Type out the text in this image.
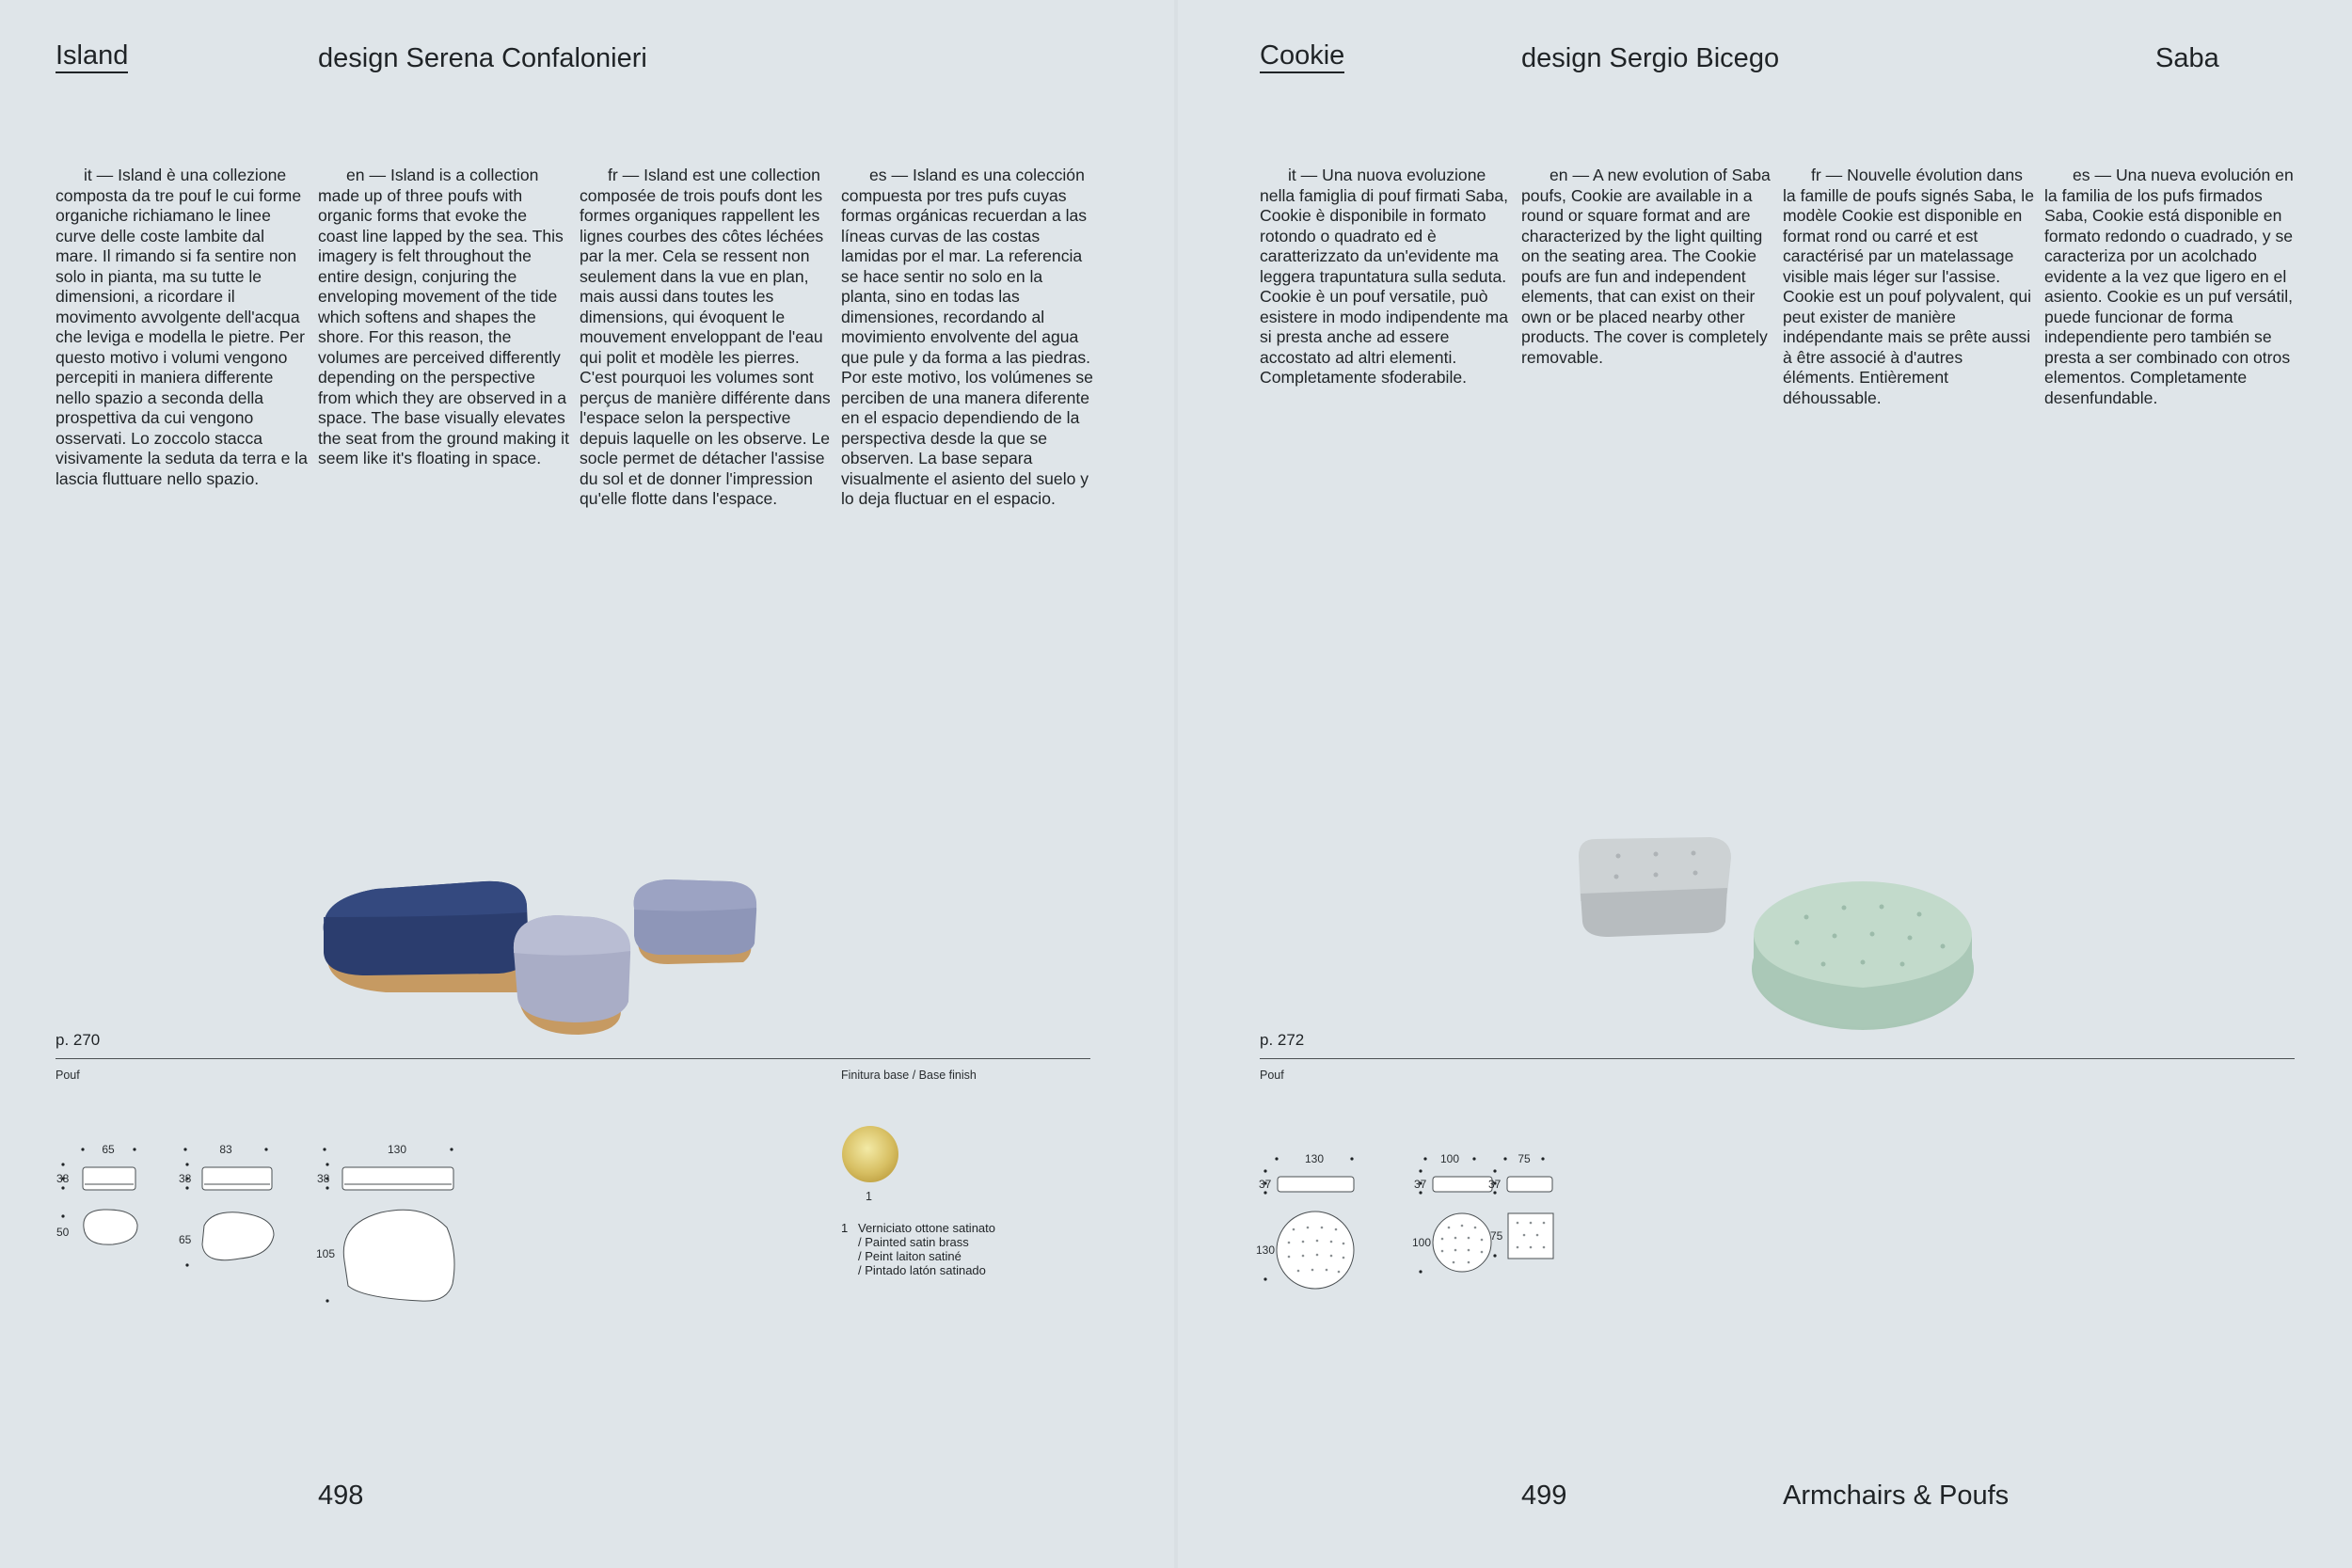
Island	design Serena Confalonieri

it — Island è una collezione composta da tre pouf le cui forme organiche richiamano le linee curve delle coste lambite dal mare. Il rimando si fa sentire non solo in pianta, ma su tutte le dimensioni, a ricordare il movimento avvolgente dell'acqua che leviga e modella le pietre. Per questo motivo i volumi vengono percepiti in maniera differente nello spazio a seconda della prospettiva da cui vengono osservati. Lo zoccolo stacca visivamente la seduta da terra e la lascia fluttuare nello spazio.

en — Island is a collection made up of three poufs with organic forms that evoke the coast line lapped by the sea. This imagery is felt throughout the entire design, conjuring the enveloping movement of the tide which softens and shapes the shore. For this reason, the volumes are perceived differently depending on the perspective from which they are observed in a space. The base visually elevates the seat from the ground making it seem like it's floating in space.

fr — Island est une collection composée de trois poufs dont les formes organiques rappellent les lignes courbes des côtes léchées par la mer. Cela se ressent non seulement dans la vue en plan, mais aussi dans toutes les dimensions, qui évoquent le mouvement enveloppant de l'eau qui polit et modèle les pierres. C'est pourquoi les volumes sont perçus de manière différente dans l'espace selon la perspective depuis laquelle on les observe. Le socle permet de détacher l'assise du sol et de donner l'impression qu'elle flotte dans l'espace.

es — Island es una colección compuesta por tres pufs cuyas formas orgánicas recuerdan a las líneas curvas de las costas lamidas por el mar. La referencia se hace sentir no solo en la planta, sino en todas las dimensiones, recordando al movimiento envolvente del agua que pule y da forma a las piedras. Por este motivo, los volúmenes se perciben de una manera diferente en el espacio dependiendo de la perspectiva desde la que se observen. La base separa visualmente el asiento del suelo y lo deja fluctuar en el espacio.

p. 270
Pouf	Finitura base / Base finish
65
38
50
83
38
65
130
38
105
1
1 Verniciato ottone satinato
/ Painted satin brass
/ Peint laiton satiné
/ Pintado latón satinado
498
Cookie	design Sergio Bicego	Saba

it — Una nuova evoluzione nella famiglia di pouf firmati Saba, Cookie è disponibile in formato rotondo o quadrato ed è caratterizzato da un'evidente ma leggera trapuntatura sulla seduta. Cookie è un pouf versatile, può esistere in modo indipendente ma si presta anche ad essere accostato ad altri elementi. Completamente sfoderabile.

en — A new evolution of Saba poufs, Cookie are available in a round or square format and are characterized by the light quilting on the seating area. The Cookie poufs are fun and independent elements, that can exist on their own or be placed nearby other products. The cover is completely removable.

fr — Nouvelle évolution dans la famille de poufs signés Saba, le modèle Cookie est disponible en format rond ou carré et est caractérisé par un matelassage visible mais léger sur l'assise. Cookie est un pouf polyvalent, qui peut exister de manière indépendante mais se prête aussi à être associé à d'autres éléments. Entièrement déhoussable.

es — Una nueva evolución en la familia de los pufs firmados Saba, Cookie está disponible en formato redondo o cuadrado, y se caracteriza por un acolchado evidente a la vez que ligero en el asiento. Cookie es un puf versátil, puede funcionar de forma independiente pero también se presta a ser combinado con otros elementos. Completamente desenfundable.

p. 272
Pouf
130
37
130
100
37
100
75
37
75
499	Armchairs & Poufs
